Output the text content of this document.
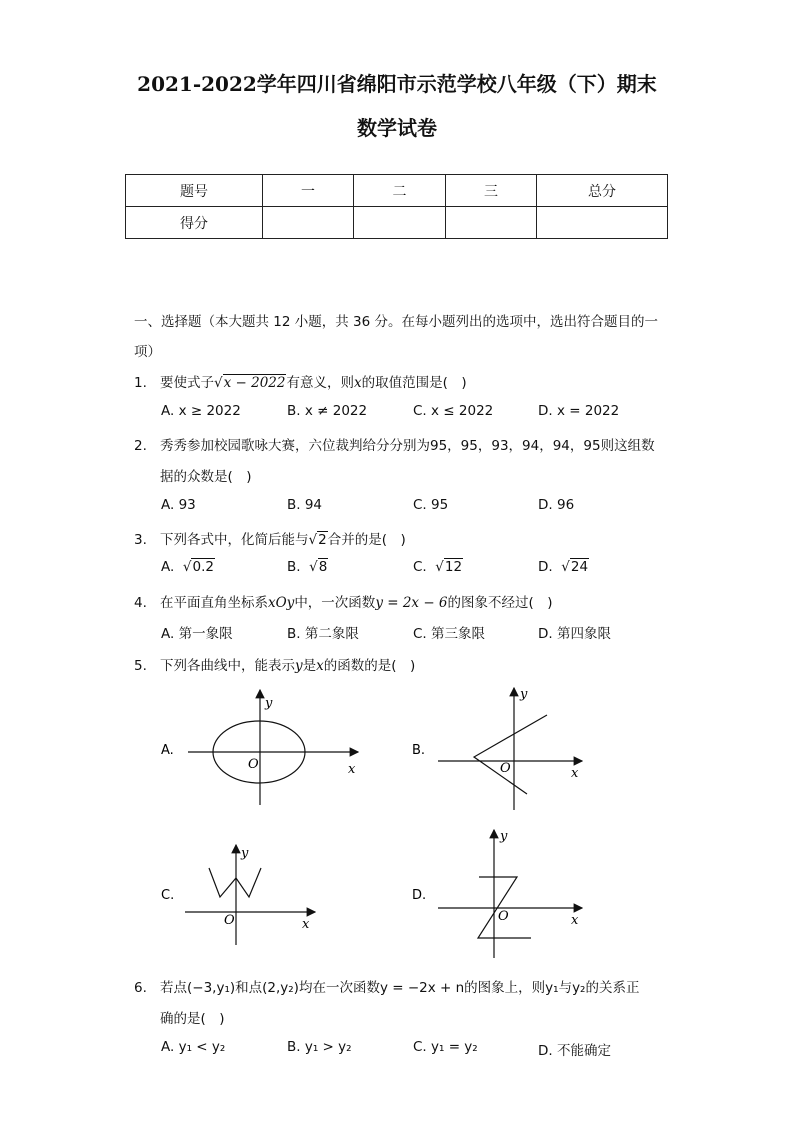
2021-2022学年四川省绵阳市示范学校八年级（下）期末
数学试卷
题号	一	二	三	总分
得分				
一、选择题（本大题共 12 小题，共 36 分。在每小题列出的选项中，选出符合题目的一
项）
1. 要使式子√x − 2022有意义，则x的取值范围是(　)
A. x ≥ 2022	B. x ≠ 2022	C. x ≤ 2022	D. x = 2022
2. 秀秀参加校园歌咏大赛，六位裁判给分分别为95，95，93，94，94，95则这组数
据的众数是(　)
A. 93	B. 94	C. 95	D. 96
3. 下列各式中，化简后能与√2合并的是(　)
A.  √0.2	B.  √8	C.  √12	D.  √24
4. 在平面直角坐标系xOy中，一次函数y = 2x − 6的图象不经过(　)
A. 第一象限	B. 第二象限	C. 第三象限	D. 第四象限
5. 下列各曲线中，能表示y是x的函数的是(　)
A.
y
x
O
B.
y
x
O
C.
y
x
O
D.
y
x
O
6. 若点(−3,y₁)和点(2,y₂)均在一次函数y = −2x + n的图象上，则y₁与y₂的关系正
确的是(　)
A. y₁ < y₂	B. y₁ > y₂	C. y₁ = y₂	D. 不能确定
